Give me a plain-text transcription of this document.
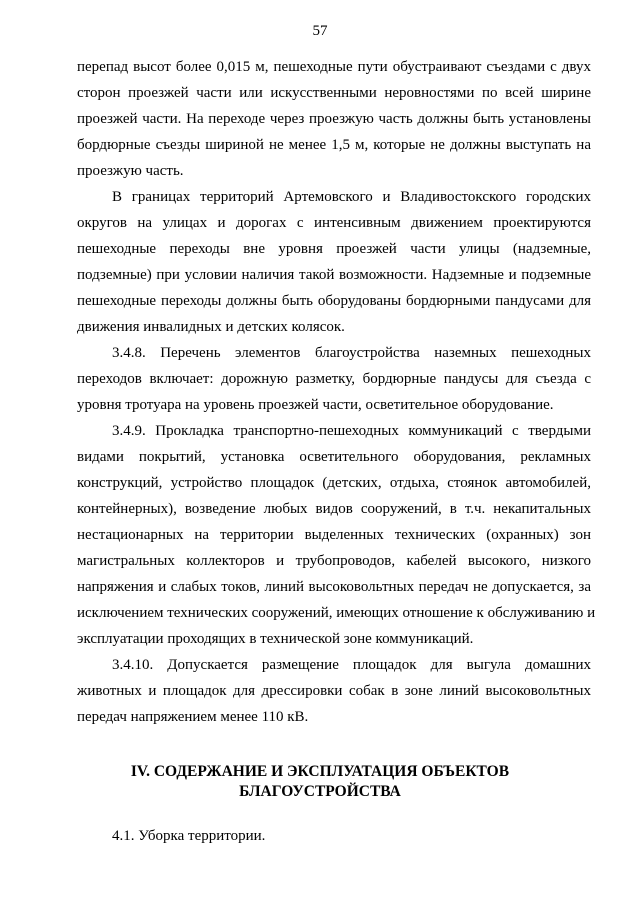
57
перепад высот более 0,015 м, пешеходные пути обустраивают съездами с двух
сторон проезжей части или искусственными неровностями по всей ширине
проезжей части. На переходе через проезжую часть должны быть установлены
бордюрные съезды шириной не менее 1,5 м, которые не должны выступать на
проезжую часть.
В границах территорий Артемовского и Владивостокского городских
округов на улицах и дорогах с интенсивным движением проектируются
пешеходные переходы вне уровня проезжей части улицы (надземные,
подземные) при условии наличия такой возможности. Надземные и подземные
пешеходные переходы должны быть оборудованы бордюрными пандусами для
движения инвалидных и детских колясок.
3.4.8. Перечень элементов благоустройства наземных пешеходных
переходов включает: дорожную разметку, бордюрные пандусы для съезда с
уровня тротуара на уровень проезжей части, осветительное оборудование.
3.4.9. Прокладка транспортно-пешеходных коммуникаций с твердыми
видами покрытий, установка осветительного оборудования, рекламных
конструкций, устройство площадок (детских, отдыха, стоянок автомобилей,
контейнерных), возведение любых видов сооружений, в т.ч. некапитальных
нестационарных на территории выделенных технических (охранных) зон
магистральных коллекторов и трубопроводов, кабелей высокого, низкого
напряжения и слабых токов, линий высоковольтных передач не допускается, за
исключением технических сооружений, имеющих отношение к обслуживанию и
эксплуатации проходящих в технической зоне коммуникаций.
3.4.10. Допускается размещение площадок для выгула домашних
животных и площадок для дрессировки собак в зоне линий высоковольтных
передач напряжением менее 110 кВ.
IV. СОДЕРЖАНИЕ И ЭКСПЛУАТАЦИЯ ОБЪЕКТОВ
БЛАГОУСТРОЙСТВА
4.1. Уборка территории.
